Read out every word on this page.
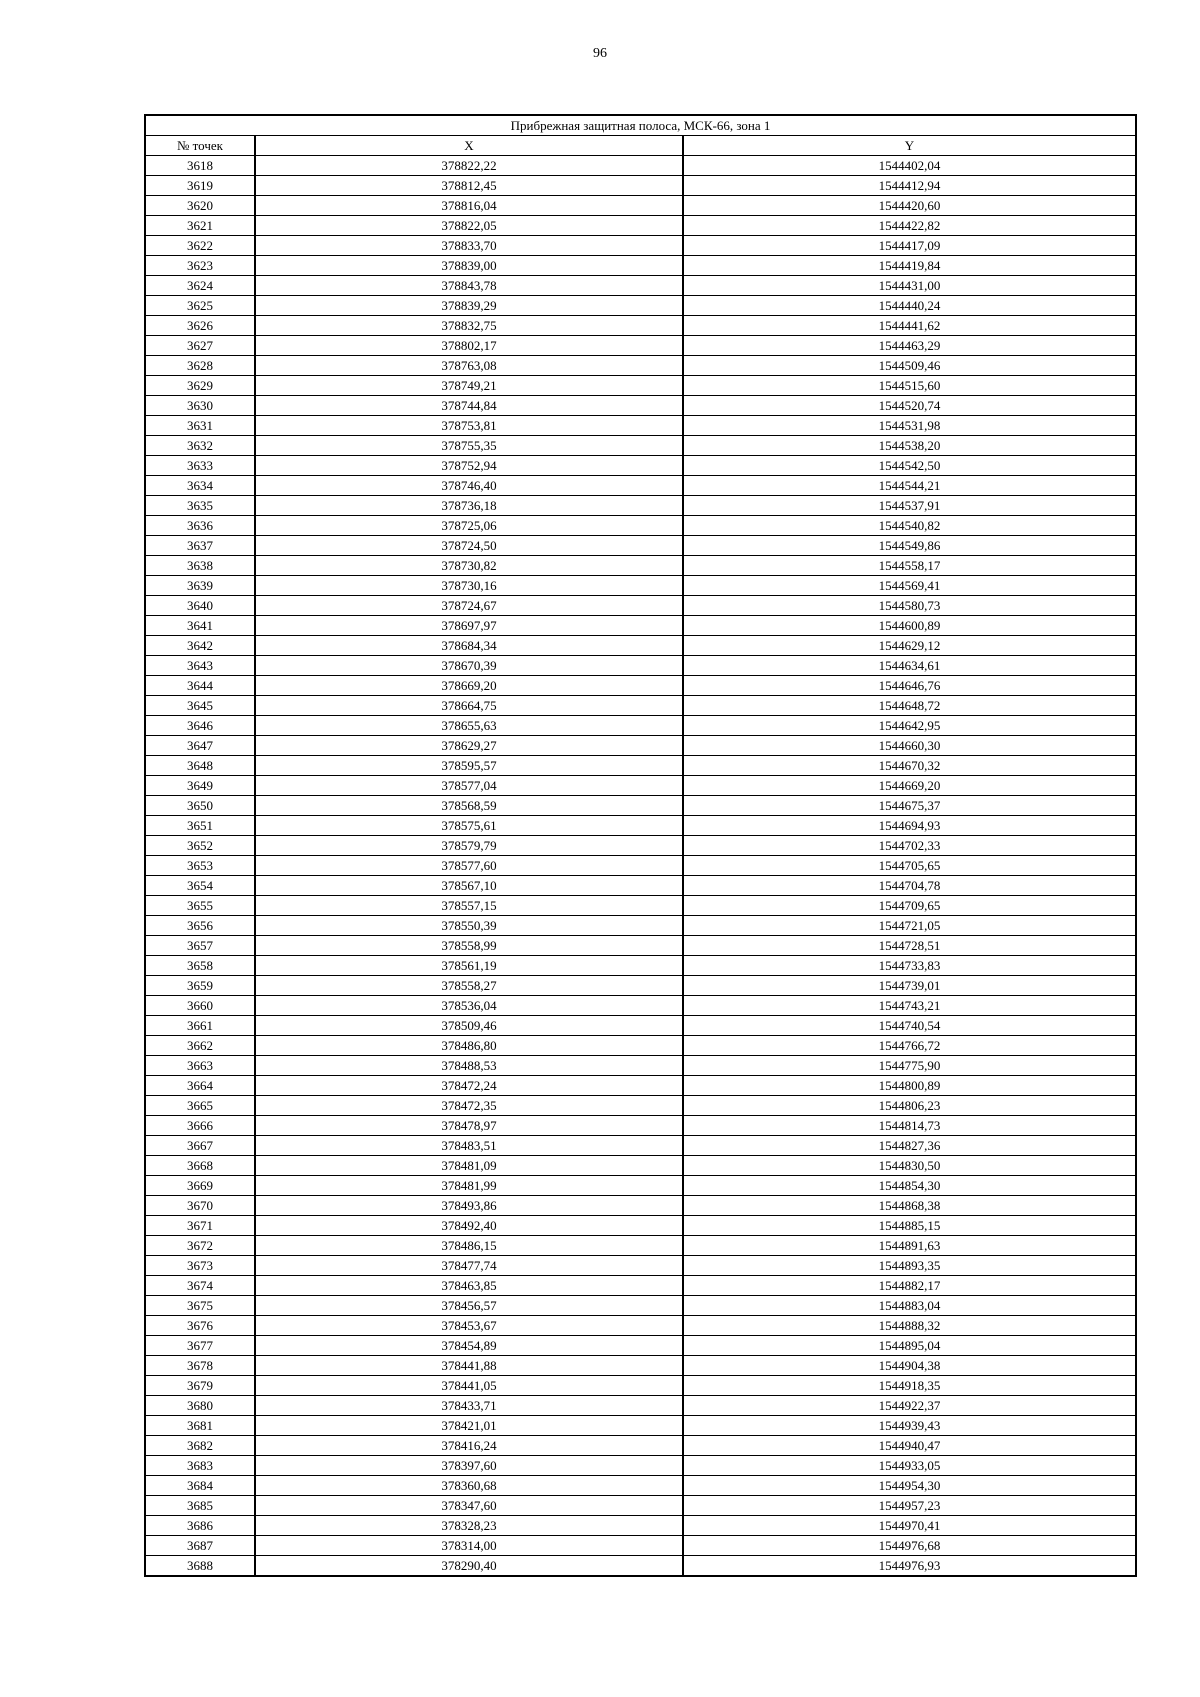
96
Прибрежная защитная полоса, МСК-66, зона 1		
№ точек	X	Y
3618	378822,22	1544402,04
3619	378812,45	1544412,94
3620	378816,04	1544420,60
3621	378822,05	1544422,82
3622	378833,70	1544417,09
3623	378839,00	1544419,84
3624	378843,78	1544431,00
3625	378839,29	1544440,24
3626	378832,75	1544441,62
3627	378802,17	1544463,29
3628	378763,08	1544509,46
3629	378749,21	1544515,60
3630	378744,84	1544520,74
3631	378753,81	1544531,98
3632	378755,35	1544538,20
3633	378752,94	1544542,50
3634	378746,40	1544544,21
3635	378736,18	1544537,91
3636	378725,06	1544540,82
3637	378724,50	1544549,86
3638	378730,82	1544558,17
3639	378730,16	1544569,41
3640	378724,67	1544580,73
3641	378697,97	1544600,89
3642	378684,34	1544629,12
3643	378670,39	1544634,61
3644	378669,20	1544646,76
3645	378664,75	1544648,72
3646	378655,63	1544642,95
3647	378629,27	1544660,30
3648	378595,57	1544670,32
3649	378577,04	1544669,20
3650	378568,59	1544675,37
3651	378575,61	1544694,93
3652	378579,79	1544702,33
3653	378577,60	1544705,65
3654	378567,10	1544704,78
3655	378557,15	1544709,65
3656	378550,39	1544721,05
3657	378558,99	1544728,51
3658	378561,19	1544733,83
3659	378558,27	1544739,01
3660	378536,04	1544743,21
3661	378509,46	1544740,54
3662	378486,80	1544766,72
3663	378488,53	1544775,90
3664	378472,24	1544800,89
3665	378472,35	1544806,23
3666	378478,97	1544814,73
3667	378483,51	1544827,36
3668	378481,09	1544830,50
3669	378481,99	1544854,30
3670	378493,86	1544868,38
3671	378492,40	1544885,15
3672	378486,15	1544891,63
3673	378477,74	1544893,35
3674	378463,85	1544882,17
3675	378456,57	1544883,04
3676	378453,67	1544888,32
3677	378454,89	1544895,04
3678	378441,88	1544904,38
3679	378441,05	1544918,35
3680	378433,71	1544922,37
3681	378421,01	1544939,43
3682	378416,24	1544940,47
3683	378397,60	1544933,05
3684	378360,68	1544954,30
3685	378347,60	1544957,23
3686	378328,23	1544970,41
3687	378314,00	1544976,68
3688	378290,40	1544976,93
